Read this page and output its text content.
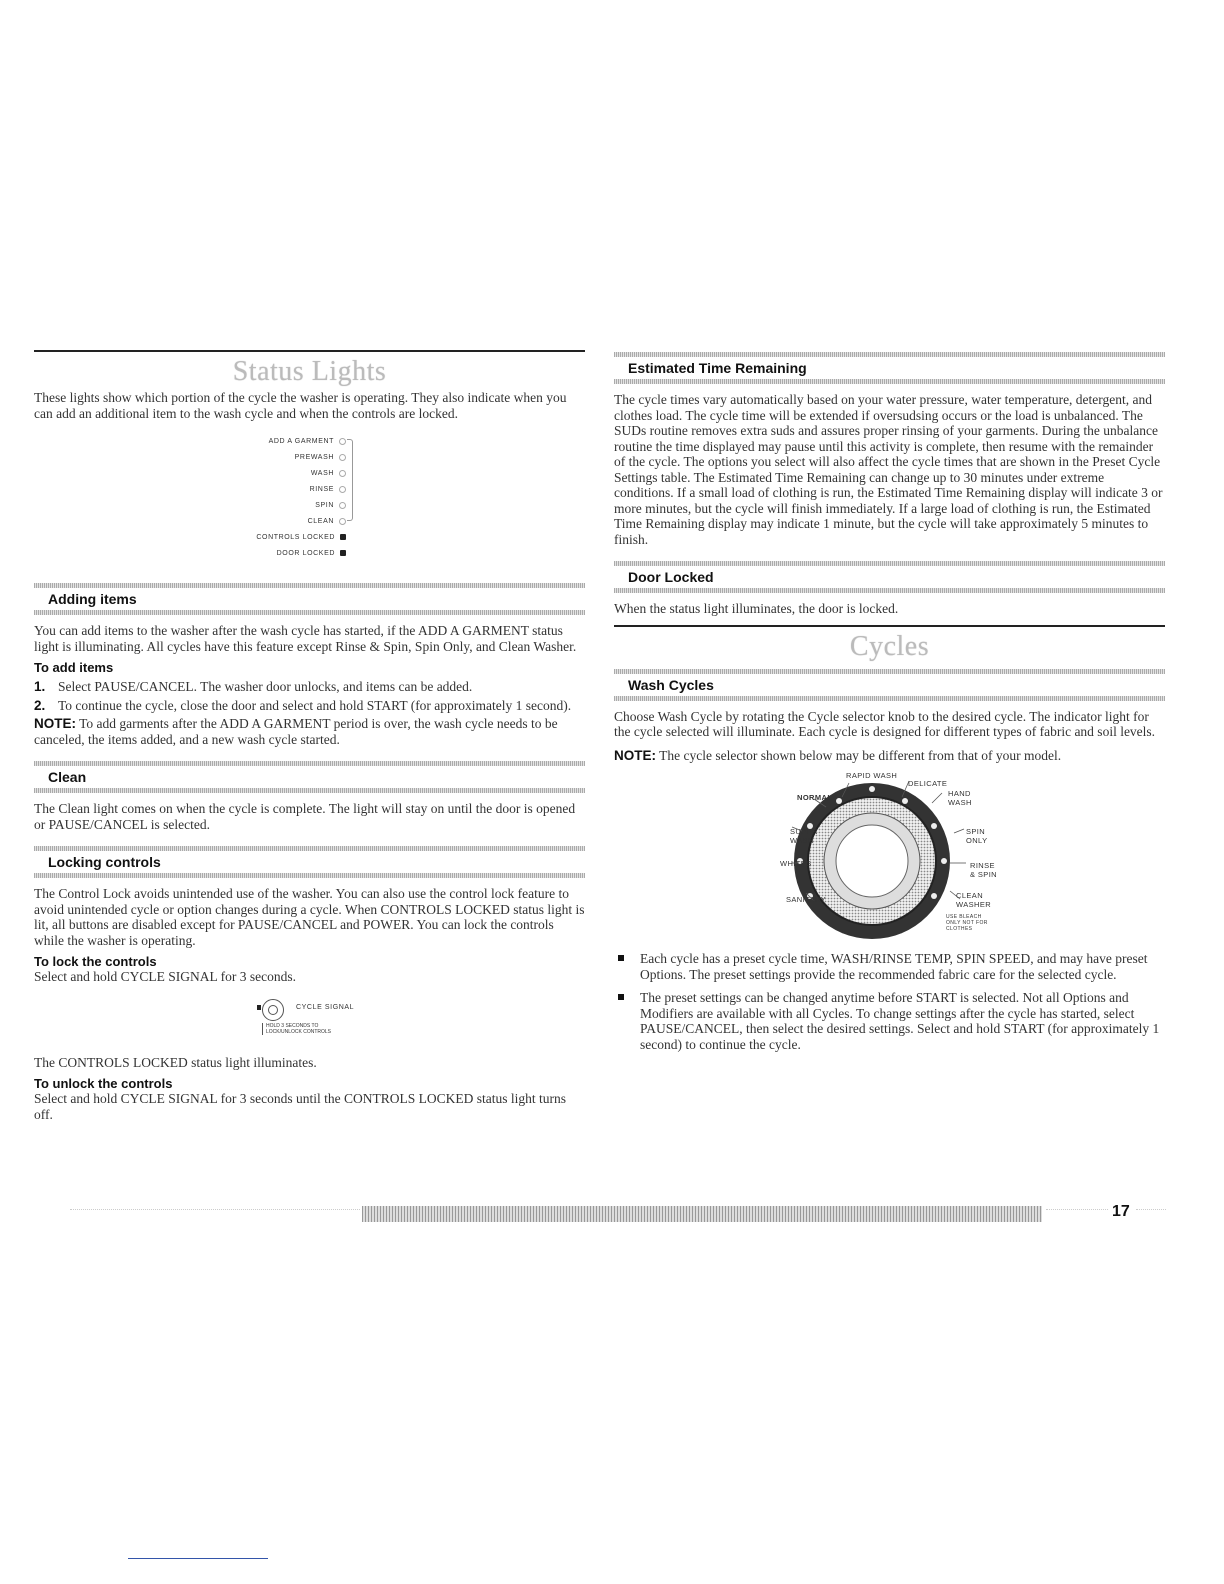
Status Lights

These lights show which portion of the cycle the washer is operating. They also indicate when you can add an additional item to the wash cycle and when the controls are locked.

ADD A GARMENT
PREWASH
WASH
RINSE
SPIN
CLEAN
CONTROLS LOCKED
DOOR LOCKED
Adding items

You can add items to the washer after the wash cycle has started, if the ADD A GARMENT status light is illuminating. All cycles have this feature except Rinse & Spin, Spin Only, and Clean Washer.

To add items
1. Select PAUSE/CANCEL. The washer door unlocks, and items can be added.
2. To continue the cycle, close the door and select and hold START (for approximately 1 second).

NOTE: To add garments after the ADD A GARMENT period is over, the wash cycle needs to be canceled, the items added, and a new wash cycle started.

Clean

The Clean light comes on when the cycle is complete. The light will stay on until the door is opened or PAUSE/CANCEL is selected.

Locking controls

The Control Lock avoids unintended use of the washer. You can also use the control lock feature to avoid unintended cycle or option changes during a cycle. When CONTROLS LOCKED status light is lit, all buttons are disabled except for PAUSE/CANCEL and POWER. You can lock the controls while the washer is operating.

To lock the controls

Select and hold CYCLE SIGNAL for 3 seconds.

CYCLE SIGNAL
HOLD 3 SECONDS TO
LOCK/UNLOCK CONTROLS

The CONTROLS LOCKED status light illuminates.

To unlock the controls

Select and hold CYCLE SIGNAL for 3 seconds until the CONTROLS LOCKED status light turns off.

Estimated Time Remaining

The cycle times vary automatically based on your water pressure, water temperature, detergent, and clothes load. The cycle time will be extended if oversudsing occurs or the load is unbalanced. The SUDs routine removes extra suds and assures proper rinsing of your garments. During the unbalance routine the time displayed may pause until this activity is complete, then resume with the remainder of the cycle. The options you select will also affect the cycle times that are shown in the Preset Cycle Settings table. The Estimated Time Remaining can change up to 30 minutes under extreme conditions. If a small load of clothing is run, the Estimated Time Remaining display will indicate 3 or more minutes, but the cycle will finish immediately. If a large load of clothing is run, the Estimated Time Remaining display may indicate 1 minute, but the cycle will take approximately 5 minutes to finish.

Door Locked

When the status light illuminates, the door is locked.

Cycles
Wash Cycles

Choose Wash Cycle by rotating the Cycle selector knob to the desired cycle. The indicator light for the cycle selected will illuminate. Each cycle is designed for different types of fabric and soil levels.

NOTE: The cycle selector shown below may be different from that of your model.

RAPID WASH
DELICATE
NORMAL	HAND WASH
SUPER WASH
SPIN ONLY
WHITES	RINSE & SPIN
SANITARY	CLEAN WASHER
USE BLEACH ONLY NOT FOR CLOTHES

Each cycle has a preset cycle time, WASH/RINSE TEMP, SPIN SPEED, and may have preset Options. The preset settings provide the recommended fabric care for the selected cycle.

The preset settings can be changed anytime before START is selected. Not all Options and Modifiers are available with all Cycles. To change settings after the cycle has started, select PAUSE/CANCEL, then select the desired settings. Select and hold START (for approximately 1 second) to continue the cycle.

17
